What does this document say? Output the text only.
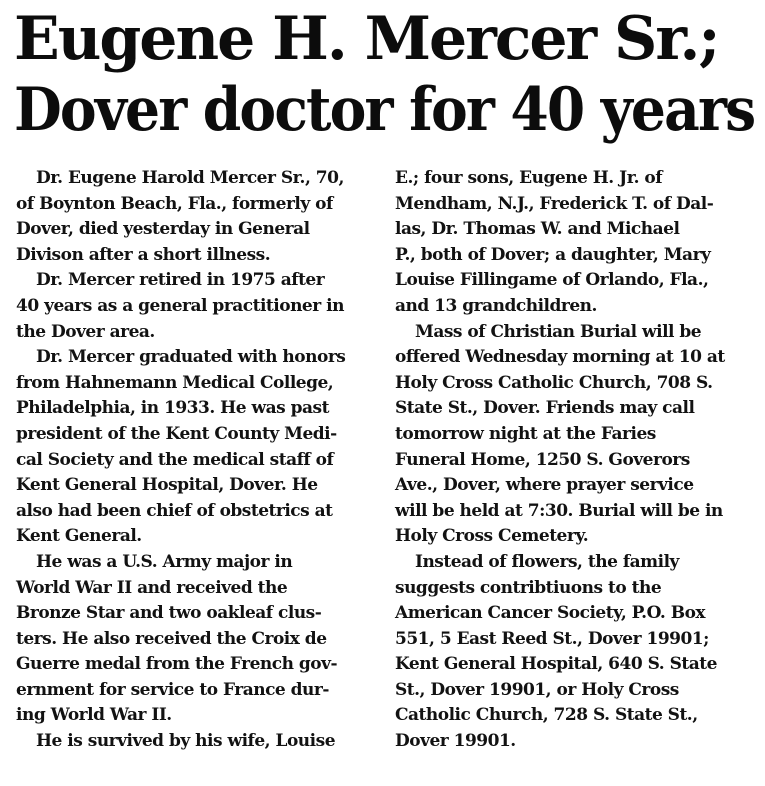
Eugene H. Mercer Sr.;
Dover doctor for 40 years
Dr. Eugene Harold Mercer Sr., 70,
of Boynton Beach, Fla., formerly of
Dover, died yesterday in General
Divison after a short illness.
Dr. Mercer retired in 1975 after
40 years as a general practitioner in
the Dover area.
Dr. Mercer graduated with honors
from Hahnemann Medical College,
Philadelphia, in 1933. He was past
president of the Kent County Medi-
cal Society and the medical staff of
Kent General Hospital, Dover. He
also had been chief of obstetrics at
Kent General.
He was a U.S. Army major in
World War II and received the
Bronze Star and two oakleaf clus-
ters. He also received the Croix de
Guerre medal from the French gov-
ernment for service to France dur-
ing World War II.
He is survived by his wife, Louise
E.; four sons, Eugene H. Jr. of
Mendham, N.J., Frederick T. of Dal-
las, Dr. Thomas W. and Michael
P., both of Dover; a daughter, Mary
Louise Fillingame of Orlando, Fla.,
and 13 grandchildren.
Mass of Christian Burial will be
offered Wednesday morning at 10 at
Holy Cross Catholic Church, 708 S.
State St., Dover. Friends may call
tomorrow night at the Faries
Funeral Home, 1250 S. Goverors
Ave., Dover, where prayer service
will be held at 7:30. Burial will be in
Holy Cross Cemetery.
Instead of flowers, the family
suggests contribtiuons to the
American Cancer Society, P.O. Box
551, 5 East Reed St., Dover 19901;
Kent General Hospital, 640 S. State
St., Dover 19901, or Holy Cross
Catholic Church, 728 S. State St.,
Dover 19901.
